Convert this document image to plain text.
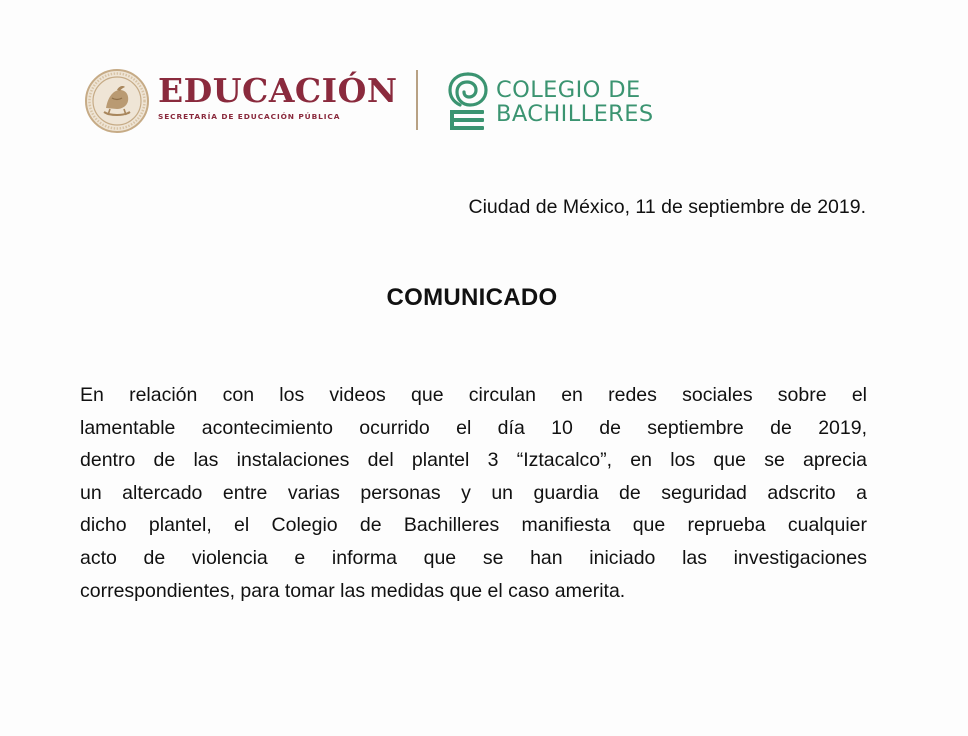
EDUCACIÓN
SECRETARÍA DE EDUCACIÓN PÚBLICA
COLEGIO DE
BACHILLERES
Ciudad de México, 11 de septiembre de 2019.
COMUNICADO
En relación con los videos que circulan en redes sociales sobre el
lamentable acontecimiento ocurrido el día 10 de septiembre de 2019,
dentro de las instalaciones del plantel 3 “Iztacalco”, en los que se aprecia
un altercado entre varias personas y un guardia de seguridad adscrito a
dicho plantel, el Colegio de Bachilleres manifiesta que reprueba cualquier
acto de violencia e informa que se han iniciado las investigaciones
correspondientes, para tomar las medidas que el caso amerita.
